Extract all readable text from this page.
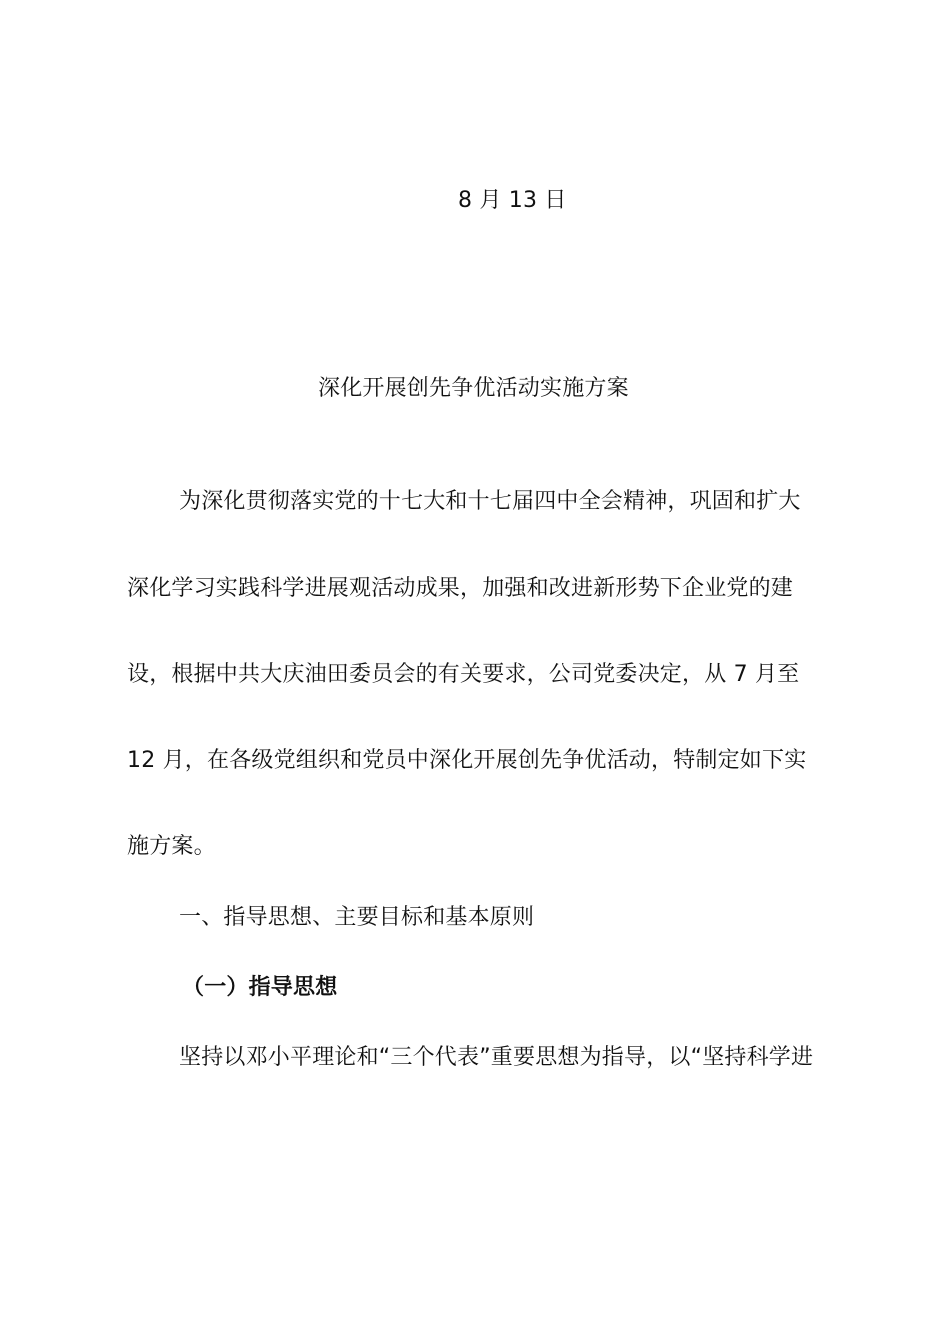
8 月 13 日
深化开展创先争优活动实施方案
为深化贯彻落实党的十七大和十七届四中全会精神，巩固和扩大
深化学习实践科学进展观活动成果，加强和改进新形势下企业党的建
设，根据中共大庆油田委员会的有关要求，公司党委决定，从 7 月至
12 月，在各级党组织和党员中深化开展创先争优活动，特制定如下实
施方案。
一、指导思想、主要目标和基本原则
（一）指导思想
坚持以邓小平理论和“三个代表”重要思想为指导，以“坚持科学进
